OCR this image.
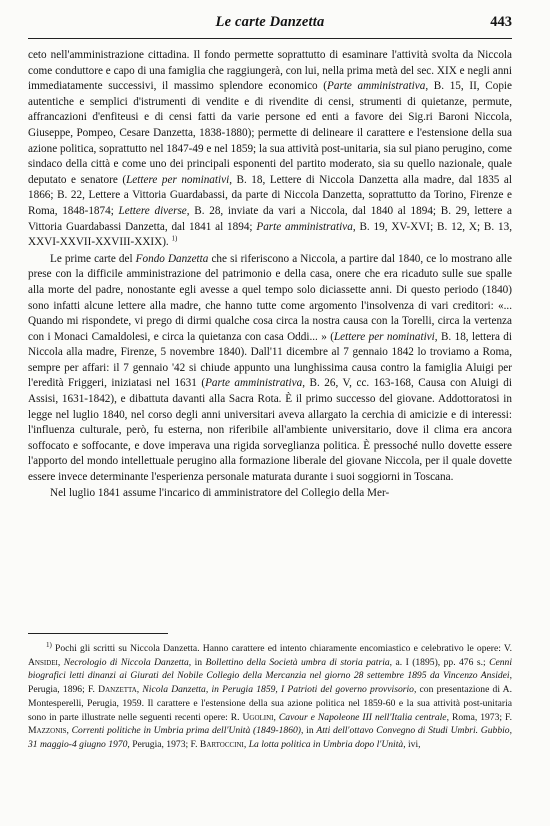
Le carte Danzetta	443

ceto nell'amministrazione cittadina. Il fondo permette soprattutto di esaminare l'attività svolta da Niccola come conduttore e capo di una famiglia che raggiungerà, con lui, nella prima metà del sec. XIX e negli anni immediatamente successivi, il massimo splendore economico (Parte amministrativa, B. 15, II, Copie autentiche e semplici d'istrumenti di vendite e di rivendite di censi, strumenti di quietanze, permute, affrancazioni d'enfiteusi e di censi fatti da varie persone ed enti a favore dei Sig.ri Baroni Niccola, Giuseppe, Pompeo, Cesare Danzetta, 1838-1880); permette di delineare il carattere e l'estensione della sua azione politica, soprattutto nel 1847-49 e nel 1859; la sua attività post-unitaria, sia sul piano perugino, come sindaco della città e come uno dei principali esponenti del partito moderato, sia su quello nazionale, quale deputato e senatore (Lettere per nominativi, B. 18, Lettere di Niccola Danzetta alla madre, dal 1835 al 1866; B. 22, Lettere a Vittoria Guardabassi, da parte di Niccola Danzetta, soprattutto da Torino, Firenze e Roma, 1848-1874; Lettere diverse, B. 28, inviate da vari a Niccola, dal 1840 al 1894; B. 29, lettere a Vittoria Guardabassi Danzetta, dal 1841 al 1894; Parte amministrativa, B. 19, XV-XVI; B. 12, X; B. 13, XXVI-XXVII-XXVIII-XXIX). $^{1)}$

Le prime carte del Fondo Danzetta che si riferiscono a Niccola, a partire dal 1840, ce lo mostrano alle prese con la difficile amministrazione del patrimonio e della casa, onere che era ricaduto sulle sue spalle alla morte del padre, nonostante egli avesse a quel tempo solo diciassette anni. Di questo periodo (1840) sono infatti alcune lettere alla madre, che hanno tutte come argomento l'insolvenza di vari creditori: «... Quando mi rispondete, vi prego di dirmi qualche cosa circa la nostra causa con la Torelli, circa la vertenza con i Monaci Camaldolesi, e circa la quietanza con casa Oddi... » (Lettere per nominativi, B. 18, lettera di Niccola alla madre, Firenze, 5 novembre 1840). Dall'11 dicembre al 7 gennaio 1842 lo troviamo a Roma, sempre per affari: il 7 gennaio '42 si chiude appunto una lunghissima causa contro la famiglia Aluigi per l'eredità Friggeri, iniziatasi nel 1631 (Parte amministrativa, B. 26, V, cc. 163-168, Causa con Aluigi di Assisi, 1631-1842), e dibattuta davanti alla Sacra Rota. È il primo successo del giovane. Addottoratosi in legge nel luglio 1840, nel corso degli anni universitari aveva allargato la cerchia di amicizie e di interessi: l'influenza culturale, però, fu esterna, non riferibile all'ambiente universitario, dove il clima era ancora soffocato e soffocante, e dove imperava una rigida sorveglianza politica. È pressoché nullo dovette essere l'apporto del mondo intellettuale perugino alla formazione liberale del giovane Niccola, per il quale dovette essere invece determinante l'esperienza personale maturata durante i suoi soggiorni in Toscana.

Nel luglio 1841 assume l'incarico di amministratore del Collegio della Mer-

$^{1)}$ Pochi gli scritti su Niccola Danzetta. Hanno carattere ed intento chiaramente encomiastico e celebrativo le opere: V. Ansidei, Necrologio di Niccola Danzetta, in Bollettino della Società umbra di storia patria, a. I (1895), pp. 476 s.; Cenni biografici letti dinanzi ai Giurati del Nobile Collegio della Mercanzia nel giorno 28 settembre 1895 da Vincenzo Ansidei, Perugia, 1896; F. Danzetta, Nicola Danzetta, in Perugia 1859, I Patrioti del governo provvisorio, con presentazione di A. Montesperelli, Perugia, 1959. Il carattere e l'estensione della sua azione politica nel 1859-60 e la sua attività post-unitaria sono in parte illustrate nelle seguenti recenti opere: R. Ugolini, Cavour e Napoleone III nell'Italia centrale, Roma, 1973; F. Mazzonis, Correnti politiche in Umbria prima dell'Unità (1849-1860), in Atti dell'ottavo Convegno di Studi Umbri. Gubbio, 31 maggio-4 giugno 1970, Perugia, 1973; F. Bartoccini, La lotta politica in Umbria dopo l'Unità, ivi,
